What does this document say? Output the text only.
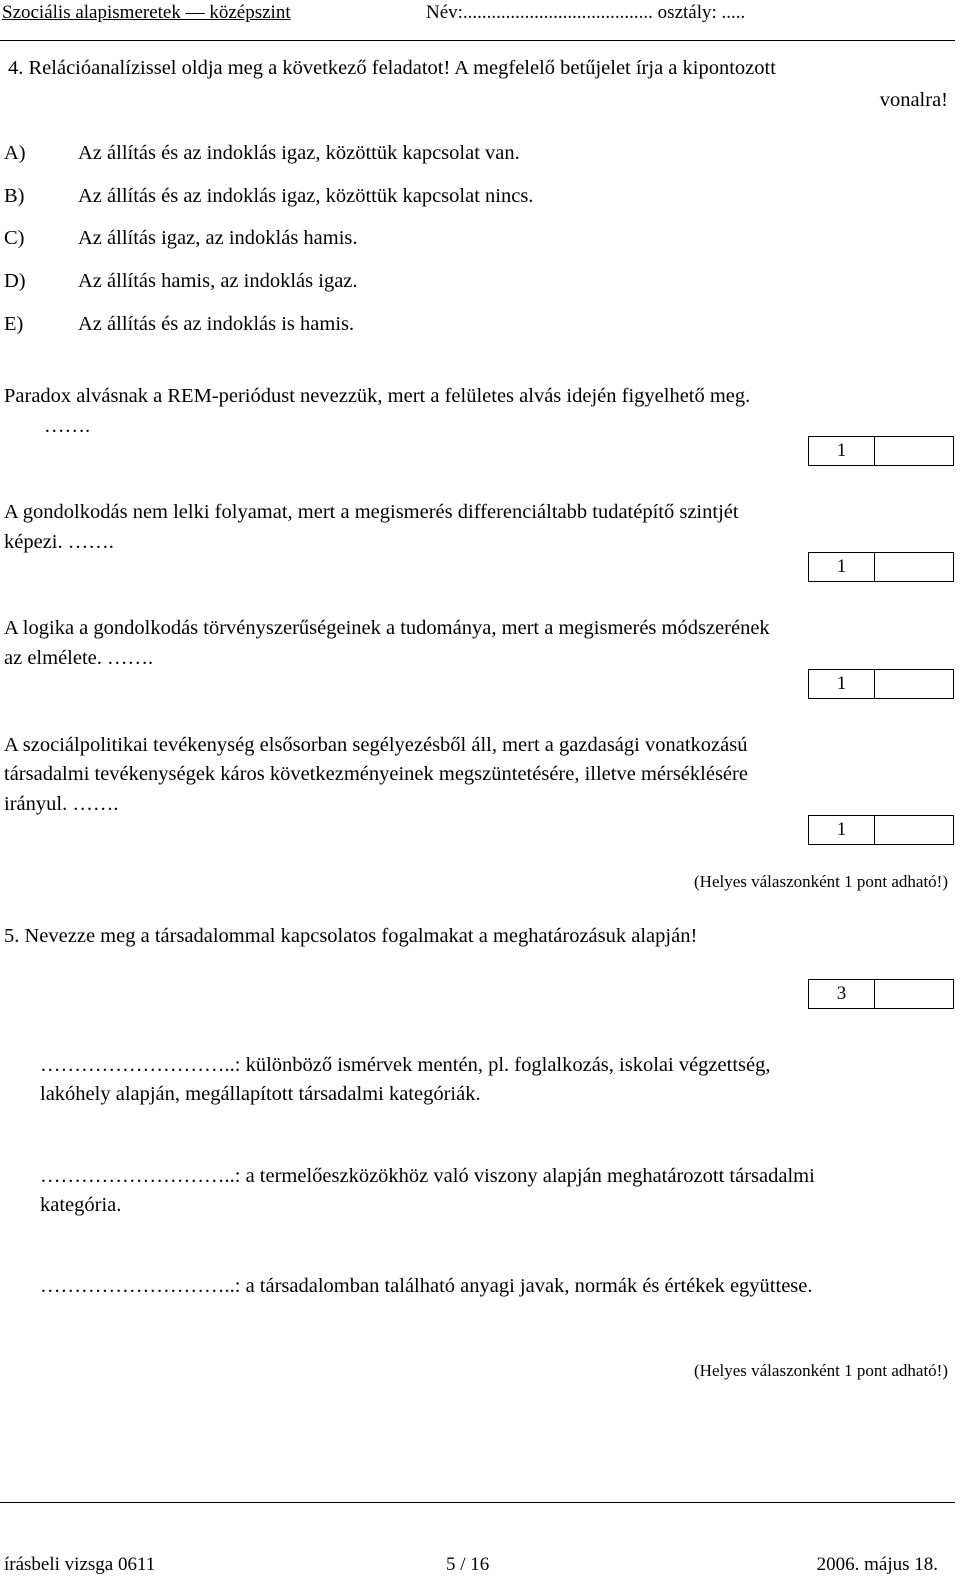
Szociális alapismeretek — középszint	Név:........................................ osztály: .....
4. Relációanalízissel oldja meg a következő feladatot! A megfelelő betűjelet írja a kipontozott
vonalra!
A)	Az állítás és az indoklás igaz, közöttük kapcsolat van.
B)	Az állítás és az indoklás igaz, közöttük kapcsolat nincs.
C)	Az állítás igaz, az indoklás hamis.
D)	Az állítás hamis, az indoklás igaz.
E)	Az állítás és az indoklás is hamis.
Paradox alvásnak a REM-periódust nevezzük, mert a felületes alvás idején figyelhető meg.
…….
1
A gondolkodás nem lelki folyamat, mert a megismerés differenciáltabb tudatépítő szintjét
képezi. …….
1
A logika a gondolkodás törvényszerűségeinek a tudománya, mert a megismerés módszerének
az elmélete. …….
1
A szociálpolitikai tevékenység elsősorban segélyezésből áll, mert a gazdasági vonatkozású
társadalmi tevékenységek káros következményeinek megszüntetésére, illetve mérséklésére
irányul. …….
1
(Helyes válaszonként 1 pont adható!)
5. Nevezze meg a társadalommal kapcsolatos fogalmakat a meghatározásuk alapján!
3
………………………..: különböző ismérvek mentén, pl. foglalkozás, iskolai végzettség,
lakóhely alapján, megállapított társadalmi kategóriák.
………………………..: a termelőeszközökhöz való viszony alapján meghatározott társadalmi
kategória.
………………………..: a társadalomban található anyagi javak, normák és értékek együttese.
(Helyes válaszonként 1 pont adható!)
írásbeli vizsga 0611	5 / 16	2006. május 18.
